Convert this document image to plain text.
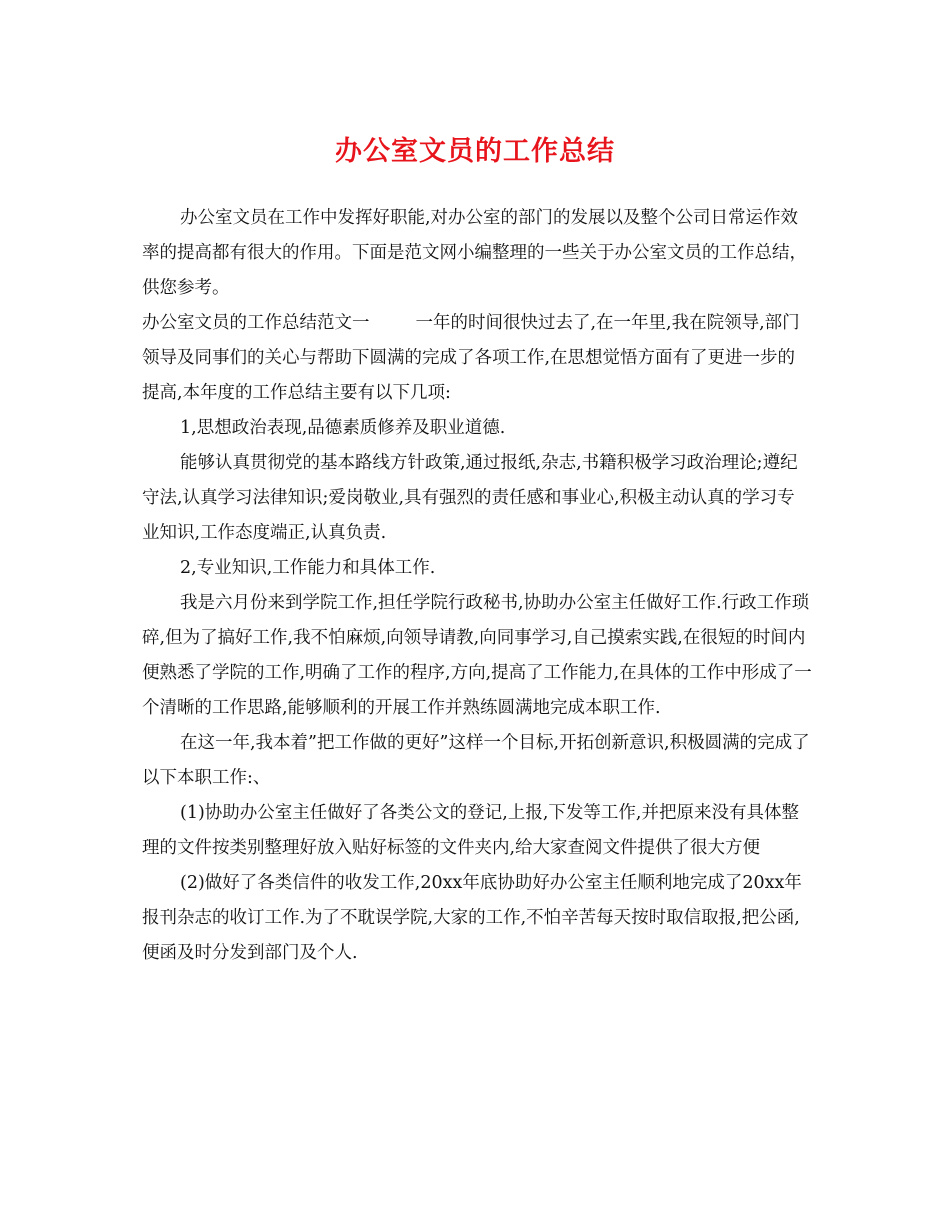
办公室文员的工作总结

办公室文员在工作中发挥好职能,对办公室的部门的发展以及整个公司日常运作效率的提高都有很大的作用。下面是范文网小编整理的一些关于办公室文员的工作总结，供您参考。

办公室文员的工作总结范文一	一年的时间很快过去了,在一年里,我在院领导,部门领导及同事们的关心与帮助下圆满的完成了各项工作,在思想觉悟方面有了更进一步的提高,本年度的工作总结主要有以下几项:

1,思想政治表现,品德素质修养及职业道德.

能够认真贯彻党的基本路线方针政策,通过报纸,杂志,书籍积极学习政治理论;遵纪守法,认真学习法律知识;爱岗敬业,具有强烈的责任感和事业心,积极主动认真的学习专业知识,工作态度端正,认真负责.

2,专业知识,工作能力和具体工作.

我是六月份来到学院工作,担任学院行政秘书,协助办公室主任做好工作.行政工作琐碎,但为了搞好工作,我不怕麻烦,向领导请教,向同事学习,自己摸索实践,在很短的时间内便熟悉了学院的工作,明确了工作的程序,方向,提高了工作能力,在具体的工作中形成了一个清晰的工作思路,能够顺利的开展工作并熟练圆满地完成本职工作.

在这一年,我本着”把工作做的更好”这样一个目标,开拓创新意识,积极圆满的完成了以下本职工作:、

(1)协助办公室主任做好了各类公文的登记,上报,下发等工作,并把原来没有具体整理的文件按类别整理好放入贴好标签的文件夹内,给大家查阅文件提供了很大方便

(2)做好了各类信件的收发工作,20xx年底协助好办公室主任顺利地完成了20xx年报刊杂志的收订工作.为了不耽误学院,大家的工作,不怕辛苦每天按时取信取报,把公函,便函及时分发到部门及个人.
